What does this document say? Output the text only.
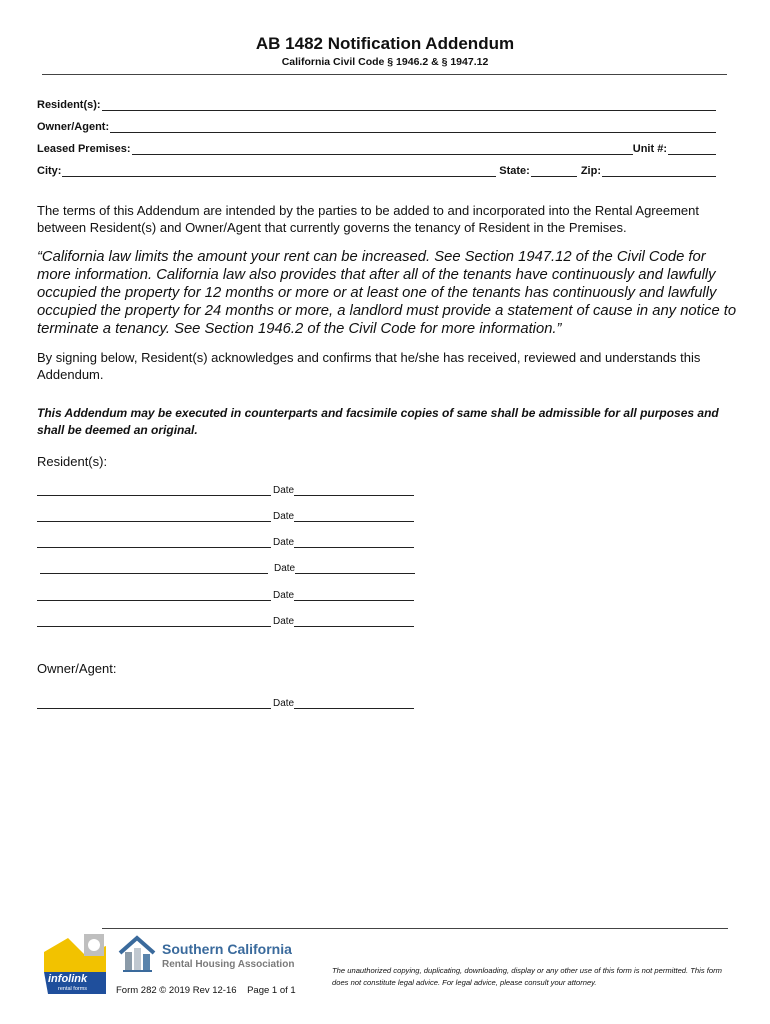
AB 1482 Notification Addendum
California Civil Code § 1946.2 & § 1947.12
Resident(s):
Owner/Agent:
Leased Premises:	Unit #:
City:	State:	Zip:
The terms of this Addendum are intended by the parties to be added to and incorporated into the Rental Agreement between Resident(s) and Owner/Agent that currently governs the tenancy of Resident in the Premises.
“California law limits the amount your rent can be increased. See Section 1947.12 of the Civil Code for more information. California law also provides that after all of the tenants have continuously and lawfully occupied the property for 12 months or more or at least one of the tenants has continuously and lawfully occupied the property for 24 months or more, a landlord must provide a statement of cause in any notice to terminate a tenancy. See Section 1946.2 of the Civil Code for more information.”
By signing below, Resident(s) acknowledges and confirms that he/she has received, reviewed and understands this Addendum.
This Addendum may be executed in counterparts and facsimile copies of same shall be admissible for all purposes and shall be deemed an original.
Resident(s):
Date
Date
Date
Date
Date
Date
Owner/Agent:
Date
infolink
rental forms
Southern California
Rental Housing Association
The unauthorized copying, duplicating, downloading, display or any other use of this form is not permitted. This form does not constitute legal advice. For legal advice, please consult your attorney.
Form 282 © 2019 Rev 12-16    Page 1 of 1
